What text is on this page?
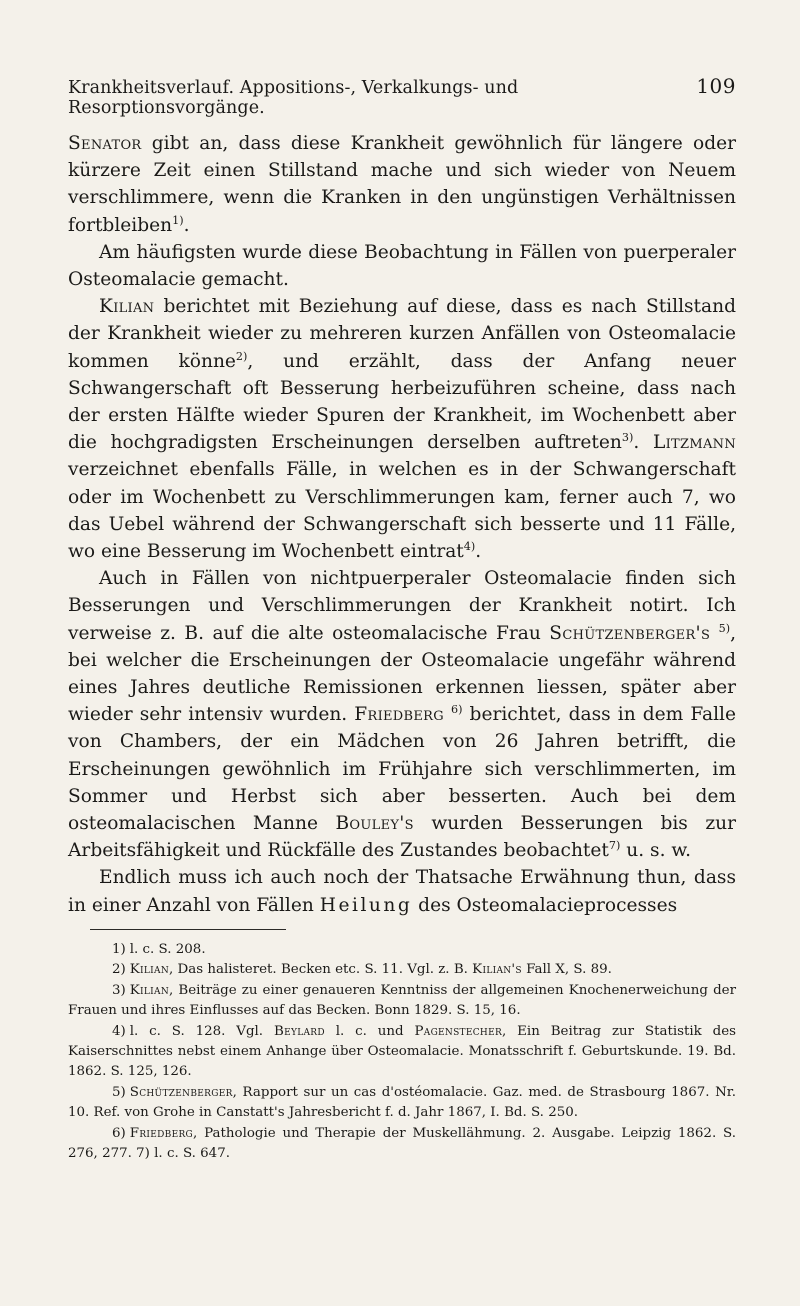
Krankheitsverlauf. Appositions-, Verkalkungs- und Resorptionsvorgänge.
109

Senator gibt an, dass diese Krankheit gewöhnlich für längere oder kürzere Zeit einen Stillstand mache und sich wieder von Neuem verschlimmere, wenn die Kranken in den ungünstigen Verhältnissen fortbleiben$^{1)}$.

Am häufigsten wurde diese Beobachtung in Fällen von puerperaler Osteomalacie gemacht.

Kilian berichtet mit Beziehung auf diese, dass es nach Stillstand der Krankheit wieder zu mehreren kurzen Anfällen von Osteomalacie kommen könne$^{2)}$, und erzählt, dass der Anfang neuer Schwangerschaft oft Besserung herbeizuführen scheine, dass nach der ersten Hälfte wieder Spuren der Krankheit, im Wochenbett aber die hochgradigsten Erscheinungen derselben auftreten$^{3)}$. Litzmann verzeichnet ebenfalls Fälle, in welchen es in der Schwangerschaft oder im Wochenbett zu Verschlimmerungen kam, ferner auch 7, wo das Uebel während der Schwangerschaft sich besserte und 11 Fälle, wo eine Besserung im Wochenbett eintrat$^{4)}$.

Auch in Fällen von nichtpuerperaler Osteomalacie finden sich Besserungen und Verschlimmerungen der Krankheit notirt. Ich verweise z. B. auf die alte osteomalacische Frau Schützenberger's $^{5)}$, bei welcher die Erscheinungen der Osteomalacie ungefähr während eines Jahres deutliche Remissionen erkennen liessen, später aber wieder sehr intensiv wurden. Friedberg $^{6)}$ berichtet, dass in dem Falle von Chambers, der ein Mädchen von 26 Jahren betrifft, die Erscheinungen gewöhnlich im Frühjahre sich verschlimmerten, im Sommer und Herbst sich aber besserten. Auch bei dem osteomalacischen Manne Bouley's wurden Besserungen bis zur Arbeitsfähigkeit und Rückfälle des Zustandes beobachtet$^{7)}$ u. s. w.

Endlich muss ich auch noch der Thatsache Erwähnung thun, dass in einer Anzahl von Fällen Heilung des Osteomalacieprocesses

1) l. c. S. 208.

2) Kilian, Das halisteret. Becken etc. S. 11. Vgl. z. B. Kilian's Fall X, S. 89.

3) Kilian, Beiträge zu einer genaueren Kenntniss der allgemeinen Knochenerweichung der Frauen und ihres Einflusses auf das Becken. Bonn 1829. S. 15, 16.

4) l. c. S. 128. Vgl. Beylard l. c. und Pagenstecher, Ein Beitrag zur Statistik des Kaiserschnittes nebst einem Anhange über Osteomalacie. Monatsschrift f. Geburtskunde. 19. Bd. 1862. S. 125, 126.

5) Schützenberger, Rapport sur un cas d'ostéomalacie. Gaz. med. de Strasbourg 1867. Nr. 10. Ref. von Grohe in Canstatt's Jahresbericht f. d. Jahr 1867, I. Bd. S. 250.

6) Friedberg, Pathologie und Therapie der Muskellähmung. 2. Ausgabe. Leipzig 1862. S. 276, 277. 7) l. c. S. 647.
